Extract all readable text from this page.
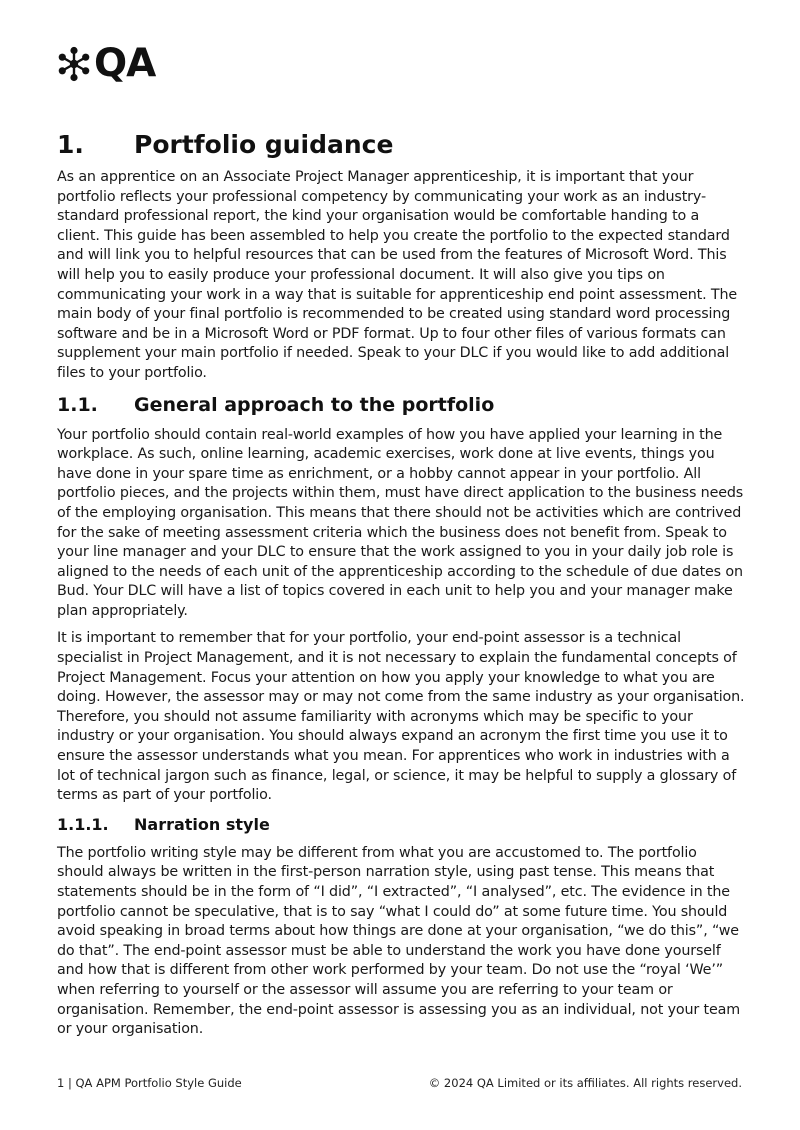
QA
1.	Portfolio guidance

As an apprentice on an Associate Project Manager apprenticeship, it is important that your portfolio reflects your professional competency by communicating your work as an industry-standard professional report, the kind your organisation would be comfortable handing to a client. This guide has been assembled to help you create the portfolio to the expected standard and will link you to helpful resources that can be used from the features of Microsoft Word. This will help you to easily produce your professional document. It will also give you tips on communicating your work in a way that is suitable for apprenticeship end point assessment. The main body of your final portfolio is recommended to be created using standard word processing software and be in a Microsoft Word or PDF format. Up to four other files of various formats can supplement your main portfolio if needed. Speak to your DLC if you would like to add additional files to your portfolio.

1.1.	General approach to the portfolio

Your portfolio should contain real-world examples of how you have applied your learning in the workplace. As such, online learning, academic exercises, work done at live events, things you have done in your spare time as enrichment, or a hobby cannot appear in your portfolio. All portfolio pieces, and the projects within them, must have direct application to the business needs of the employing organisation. This means that there should not be activities which are contrived for the sake of meeting assessment criteria which the business does not benefit from. Speak to your line manager and your DLC to ensure that the work assigned to you in your daily job role is aligned to the needs of each unit of the apprenticeship according to the schedule of due dates on Bud. Your DLC will have a list of topics covered in each unit to help you and your manager make plan appropriately.

It is important to remember that for your portfolio, your end-point assessor is a technical specialist in Project Management, and it is not necessary to explain the fundamental concepts of Project Management. Focus your attention on how you apply your knowledge to what you are doing. However, the assessor may or may not come from the same industry as your organisation. Therefore, you should not assume familiarity with acronyms which may be specific to your industry or your organisation. You should always expand an acronym the first time you use it to ensure the assessor understands what you mean. For apprentices who work in industries with a lot of technical jargon such as finance, legal, or science, it may be helpful to supply a glossary of terms as part of your portfolio.

1.1.1.	Narration style

The portfolio writing style may be different from what you are accustomed to. The portfolio should always be written in the first-person narration style, using past tense. This means that statements should be in the form of “I did”, “I extracted”, “I analysed”, etc. The evidence in the portfolio cannot be speculative, that is to say “what I could do” at some future time. You should avoid speaking in broad terms about how things are done at your organisation, “we do this”, “we do that”. The end-point assessor must be able to understand the work you have done yourself and how that is different from other work performed by your team. Do not use the “royal ‘We’” when referring to yourself or the assessor will assume you are referring to your team or organisation. Remember, the end-point assessor is assessing you as an individual, not your team or your organisation.

1 | QA APM Portfolio Style Guide	© 2024 QA Limited or its affiliates. All rights reserved.
